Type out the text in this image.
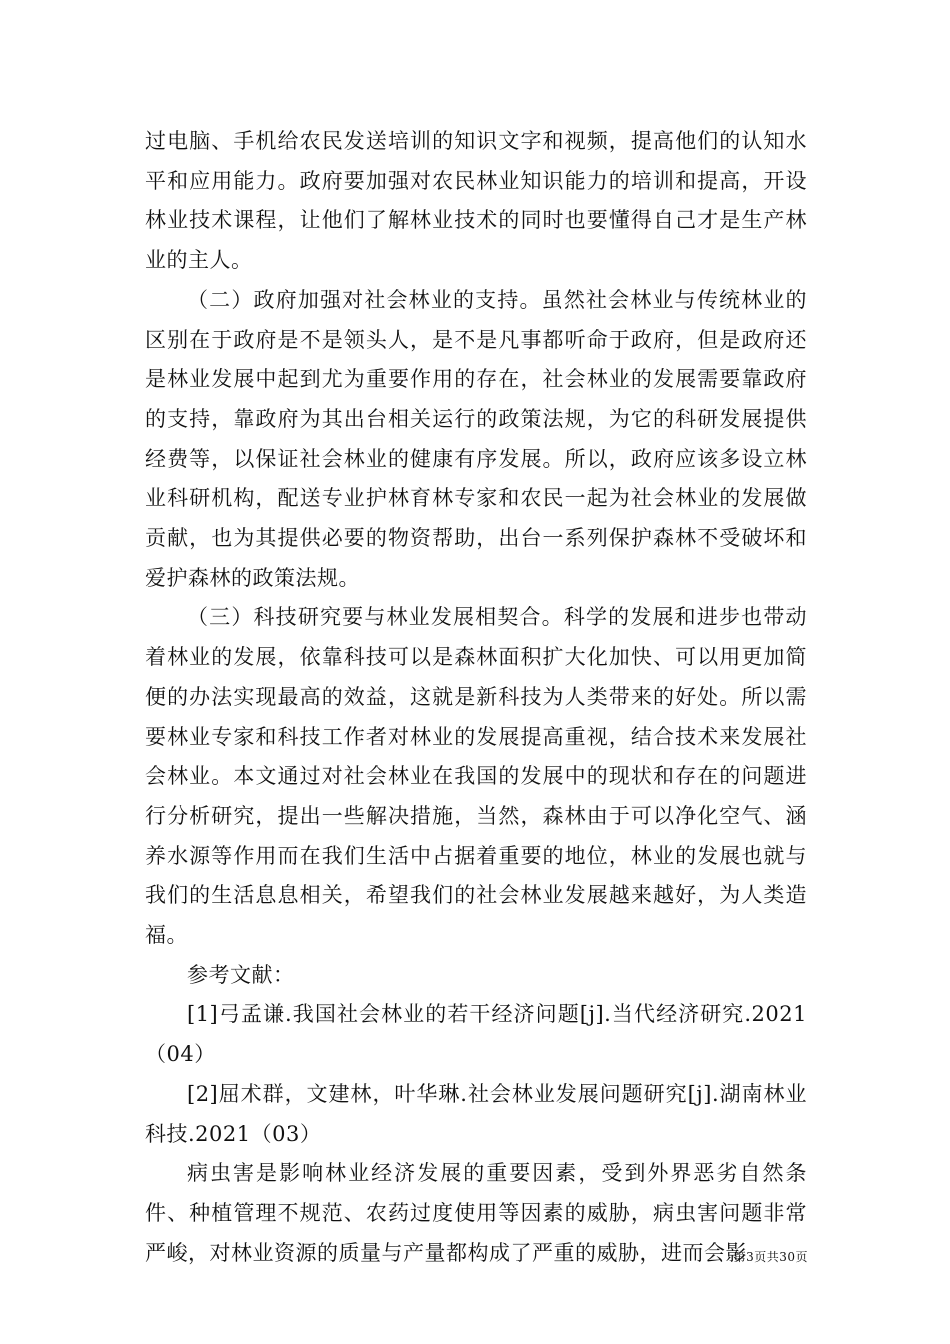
过电脑、手机给农民发送培训的知识文字和视频，提高他们的认知水平和应用能力。政府要加强对农民林业知识能力的培训和提高，开设林业技术课程，让他们了解林业技术的同时也要懂得自己才是生产林业的主人。

（二）政府加强对社会林业的支持。虽然社会林业与传统林业的区别在于政府是不是领头人，是不是凡事都听命于政府，但是政府还是林业发展中起到尤为重要作用的存在，社会林业的发展需要靠政府的支持，靠政府为其出台相关运行的政策法规，为它的科研发展提供经费等，以保证社会林业的健康有序发展。所以，政府应该多设立林业科研机构，配送专业护林育林专家和农民一起为社会林业的发展做贡献，也为其提供必要的物资帮助，出台一系列保护森林不受破坏和爱护森林的政策法规。

（三）科技研究要与林业发展相契合。科学的发展和进步也带动着林业的发展，依靠科技可以是森林面积扩大化加快、可以用更加简便的办法实现最高的效益，这就是新科技为人类带来的好处。所以需要林业专家和科技工作者对林业的发展提高重视，结合技术来发展社会林业。本文通过对社会林业在我国的发展中的现状和存在的问题进行分析研究，提出一些解决措施，当然，森林由于可以净化空气、涵养水源等作用而在我们生活中占据着重要的地位，林业的发展也就与我们的生活息息相关，希望我们的社会林业发展越来越好，为人类造福。

参考文献：

[1]弓孟谦.我国社会林业的若干经济问题[j].当代经济研究.2021（04）

[2]屈术群，文建林，叶华琳.社会林业发展问题研究[j].湖南林业科技.2021（03）

病虫害是影响林业经济发展的重要因素，受到外界恶劣自然条件、种植管理不规范、农药过度使用等因素的威胁，病虫害问题非常严峻，对林业资源的质量与产量都构成了严重的威胁，进而会影

第3页共30页
